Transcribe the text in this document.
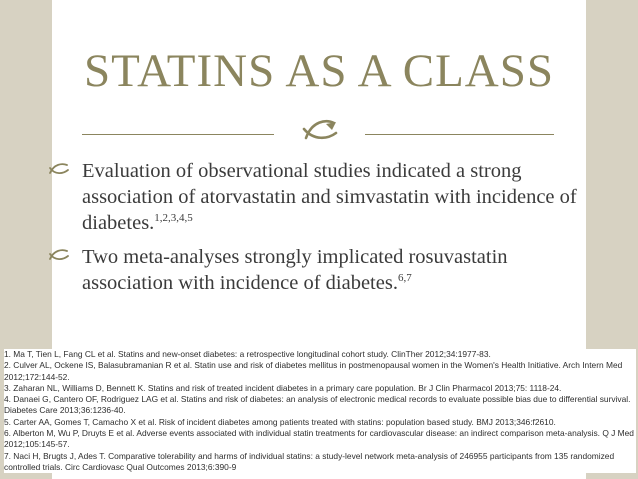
STATINS AS A CLASS
Evaluation of observational studies indicated a strong association of atorvastatin and simvastatin with incidence of diabetes.$^{1,2,3,4,5}$
Two meta-analyses strongly implicated rosuvastatin association with incidence of diabetes.$^{6,7}$
1. Ma T, Tien L, Fang CL et al. Statins and new-onset diabetes: a retrospective longitudinal cohort study. ClinTher 2012;34:1977-83.
2. Culver AL, Ockene IS, Balasubramanian R et al. Statin use and risk of diabetes mellitus in postmenopausal women in the Women's Health Initiative. Arch Intern Med 2012;172:144-52.
3. Zaharan NL, Williams D, Bennett K. Statins and risk of treated incident diabetes in a primary care population. Br J Clin Pharmacol 2013;75: 1118-24.
4. Danaei G, Cantero OF, Rodriguez LAG et al. Statins and risk of diabetes: an analysis of electronic medical records to evaluate possible bias due to differential survival. Diabetes Care 2013;36:1236-40.
5. Carter AA, Gomes T, Camacho X et al. Risk of incident diabetes among patients treated with statins: population based study. BMJ 2013;346:f2610.
6. Alberton M, Wu P, Druyts E et al. Adverse events associated with individual statin treatments for cardiovascular disease: an indirect comparison meta-analysis. Q J Med 2012;105:145-57.
7. Naci H, Brugts J, Ades T. Comparative tolerability and harms of individual statins: a study-level network meta-analysis of 246955 participants from 135 randomized controlled trials. Circ Cardiovasc Qual Outcomes 2013;6:390-9
